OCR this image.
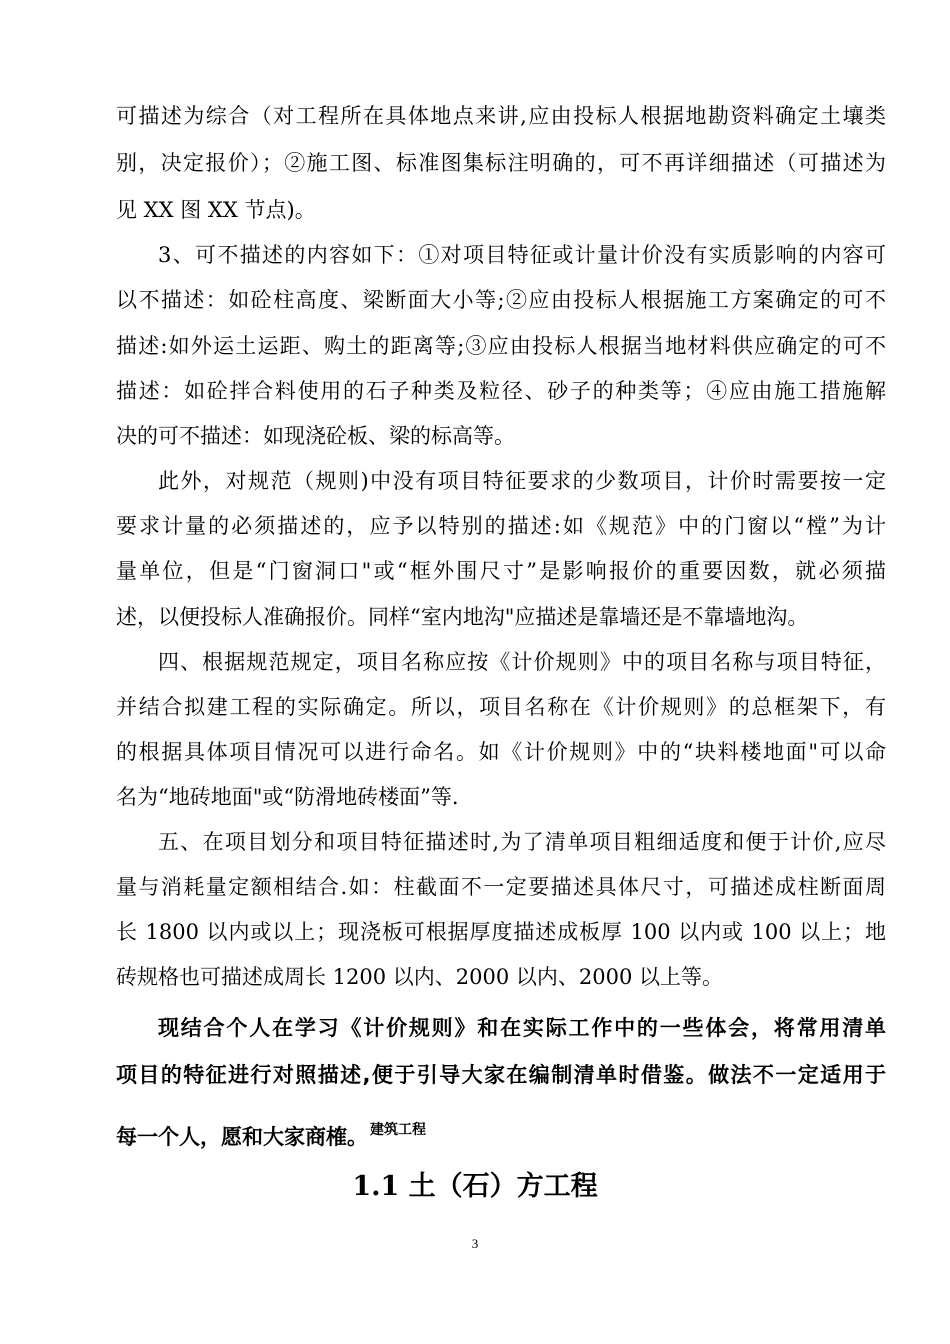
可描述为综合（对工程所在具体地点来讲,应由投标人根据地勘资料确定土壤类
别，决定报价）；②施工图、标准图集标注明确的，可不再详细描述（可描述为
见 XX 图 XX 节点)。
3、可不描述的内容如下：①对项目特征或计量计价没有实质影响的内容可
以不描述：如砼柱高度、梁断面大小等;②应由投标人根据施工方案确定的可不
描述:如外运土运距、购土的距离等;③应由投标人根据当地材料供应确定的可不
描述：如砼拌合料使用的石子种类及粒径、砂子的种类等；④应由施工措施解
决的可不描述：如现浇砼板、梁的标高等。
此外，对规范（规则)中没有项目特征要求的少数项目，计价时需要按一定
要求计量的必须描述的，应予以特别的描述:如《规范》中的门窗以“樘”为计
量单位，但是“门窗洞口"或“框外围尺寸”是影响报价的重要因数，就必须描
述，以便投标人准确报价。同样“室内地沟"应描述是靠墙还是不靠墙地沟。
四、根据规范规定，项目名称应按《计价规则》中的项目名称与项目特征，
并结合拟建工程的实际确定。所以，项目名称在《计价规则》的总框架下，有
的根据具体项目情况可以进行命名。如《计价规则》中的“块料楼地面"可以命
名为“地砖地面"或“防滑地砖楼面”等.
五、在项目划分和项目特征描述时,为了清单项目粗细适度和便于计价,应尽
量与消耗量定额相结合.如：柱截面不一定要描述具体尺寸，可描述成柱断面周
长 1800 以内或以上；现浇板可根据厚度描述成板厚 100 以内或 100 以上；地
砖规格也可描述成周长 1200 以内、2000 以内、2000 以上等。
现结合个人在学习《计价规则》和在实际工作中的一些体会，将常用清单
项目的特征进行对照描述,便于引导大家在编制清单时借鉴。做法不一定适用于
每一个人，愿和大家商榷。 $^{建筑工程}$
1.1 土（石）方工程
3
